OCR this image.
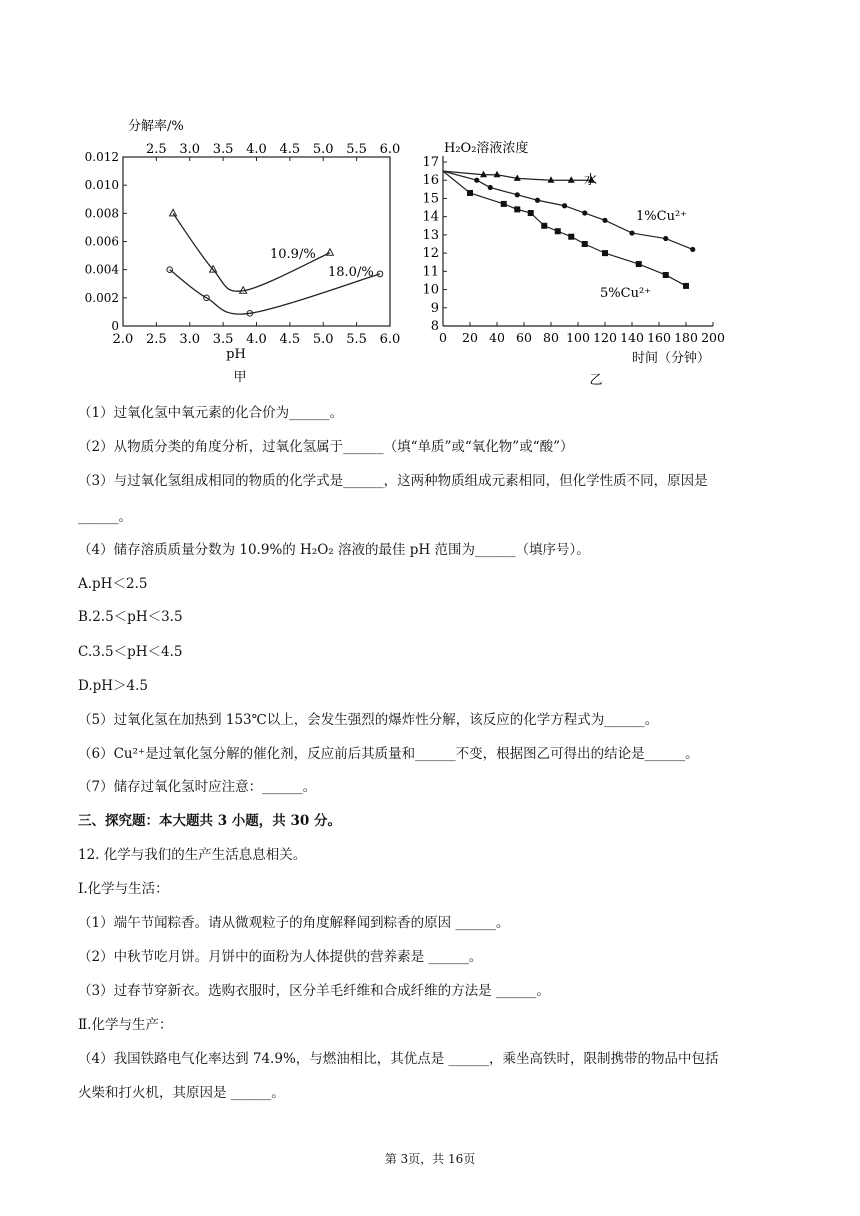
2.0 2.5 3.0 3.5 4.0 4.5 5.0 5.5 6.0
2.5 3.0 3.5 4.0 4.5 5.0 5.5 6.0
0
0.002
0.004
0.006
0.008
0.010
0.012
分解率/%
pH
甲
10.9/%
18.0/%
0 20 40 60 80 100 120 140 160 180 200
8
9
10
11
12
13
14
15
16
17
H₂O₂溶液浓度
时间（分钟）
乙
水
1%Cu²⁺
5%Cu²⁺
（1）过氧化氢中氧元素的化合价为______。
（2）从物质分类的角度分析，过氧化氢属于______（填“单质”或“氧化物”或“酸”）
（3）与过氧化氢组成相同的物质的化学式是______，这两种物质组成元素相同，但化学性质不同，原因是
______。
（4）储存溶质质量分数为 10.9%的 H₂O₂ 溶液的最佳 pH 范围为______（填序号）。
A.pH＜2.5
B.2.5＜pH＜3.5
C.3.5＜pH＜4.5
D.pH＞4.5
（5）过氧化氢在加热到 153℃以上，会发生强烈的爆炸性分解，该反应的化学方程式为______。
（6）Cu²⁺是过氧化氢分解的催化剂，反应前后其质量和______不变，根据图乙可得出的结论是______。
（7）储存过氧化氢时应注意：______。
三、探究题：本大题共 3 小题，共 30 分。
12. 化学与我们的生产生活息息相关。
I.化学与生活：
（1）端午节闻粽香。请从微观粒子的角度解释闻到粽香的原因 ______。
（2）中秋节吃月饼。月饼中的面粉为人体提供的营养素是 ______。
（3）过春节穿新衣。选购衣服时，区分羊毛纤维和合成纤维的方法是 ______。
Ⅱ.化学与生产：
（4）我国铁路电气化率达到 74.9%，与燃油相比，其优点是 ______，乘坐高铁时，限制携带的物品中包括
火柴和打火机，其原因是 ______。
第 3页，共 16页
